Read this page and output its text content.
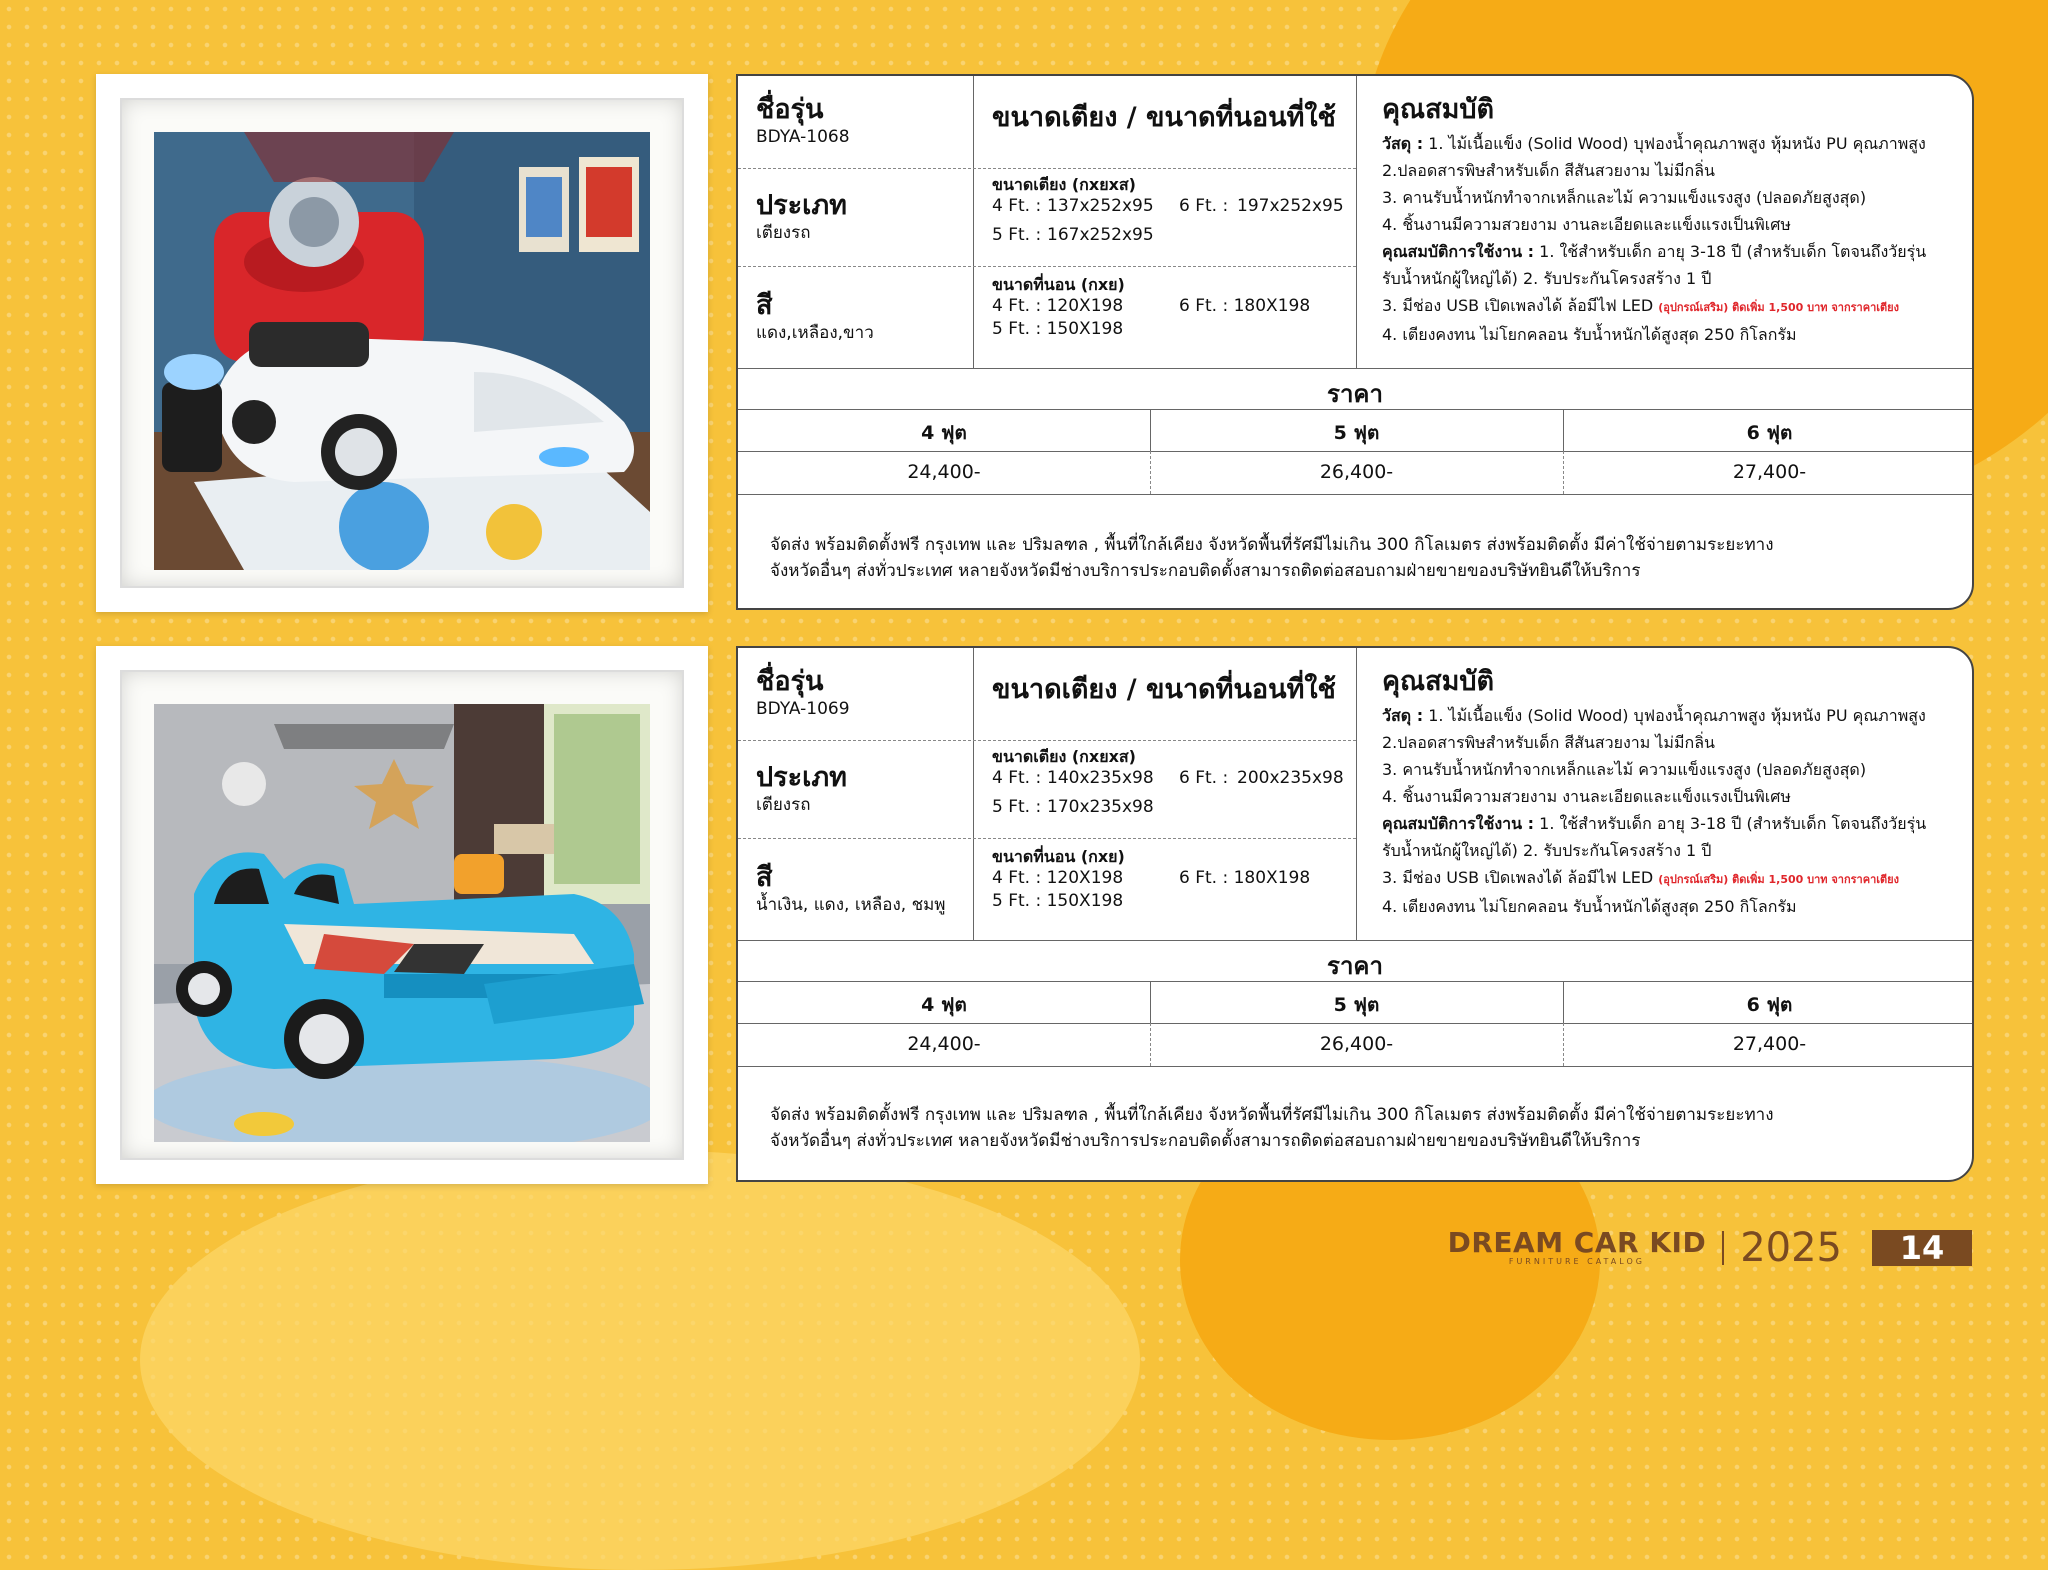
ชื่อรุ่น
BDYA-1068
ประเภท
เตียงรถ
สี
แดง,เหลือง,ขาว
ขนาดเตียง / ขนาดที่นอนที่ใช้
ขนาดเตียง (กxยxส)
4 Ft. : 137x252x95 6 Ft. : 197x252x95
5 Ft. : 167x252x95
ขนาดที่นอน (กxย)
4 Ft. : 120X198	6 Ft. : 180X198
5 Ft. : 150X198
คุณสมบัติ
วัสดุ : 1. ไม้เนื้อแข็ง (Solid Wood) บุฟองน้ำคุณภาพสูง หุ้มหนัง PU คุณภาพสูง
2.ปลอดสารพิษสำหรับเด็ก สีสันสวยงาม ไม่มีกลิ่น
3. คานรับน้ำหนักทำจากเหล็กและไม้ ความแข็งแรงสูง (ปลอดภัยสูงสุด)
4. ชิ้นงานมีความสวยงาม งานละเอียดและแข็งแรงเป็นพิเศษ
คุณสมบัติการใช้งาน : 1. ใช้สำหรับเด็ก อายุ 3-18 ปี (สำหรับเด็ก โตจนถึงวัยรุ่น
รับน้ำหนักผู้ใหญ่ได้) 2. รับประกันโครงสร้าง 1 ปี
3. มีช่อง USB เปิดเพลงได้ ล้อมีไฟ LED (อุปกรณ์เสริม) ติดเพิ่ม 1,500 บาท จากราคาเตียง
4. เตียงคงทน ไม่โยกคลอน รับน้ำหนักได้สูงสุด 250 กิโลกรัม
ราคา
4 ฟุต	5 ฟุต	6 ฟุต
24,400-	26,400-	27,400-
จัดส่ง พร้อมติดตั้งฟรี กรุงเทพ และ ปริมลฑล , พื้นที่ใกล้เคียง จังหวัดพื้นที่รัศมีไม่เกิน 300 กิโลเมตร ส่งพร้อมติดตั้ง มีค่าใช้จ่ายตามระยะทาง
จังหวัดอื่นๆ ส่งทั่วประเทศ หลายจังหวัดมีช่างบริการประกอบติดตั้งสามารถติดต่อสอบถามฝ่ายขายของบริษัทยินดีให้บริการ
ชื่อรุ่น
BDYA-1069
ประเภท
เตียงรถ
สี
น้ำเงิน, แดง, เหลือง, ชมพู
ขนาดเตียง / ขนาดที่นอนที่ใช้
ขนาดเตียง (กxยxส)
4 Ft. : 140x235x98 6 Ft. : 200x235x98
5 Ft. : 170x235x98
ขนาดที่นอน (กxย)
4 Ft. : 120X198	6 Ft. : 180X198
5 Ft. : 150X198
คุณสมบัติ
วัสดุ : 1. ไม้เนื้อแข็ง (Solid Wood) บุฟองน้ำคุณภาพสูง หุ้มหนัง PU คุณภาพสูง
2.ปลอดสารพิษสำหรับเด็ก สีสันสวยงาม ไม่มีกลิ่น
3. คานรับน้ำหนักทำจากเหล็กและไม้ ความแข็งแรงสูง (ปลอดภัยสูงสุด)
4. ชิ้นงานมีความสวยงาม งานละเอียดและแข็งแรงเป็นพิเศษ
คุณสมบัติการใช้งาน : 1. ใช้สำหรับเด็ก อายุ 3-18 ปี (สำหรับเด็ก โตจนถึงวัยรุ่น
รับน้ำหนักผู้ใหญ่ได้) 2. รับประกันโครงสร้าง 1 ปี
3. มีช่อง USB เปิดเพลงได้ ล้อมีไฟ LED (อุปกรณ์เสริม) ติดเพิ่ม 1,500 บาท จากราคาเตียง
4. เตียงคงทน ไม่โยกคลอน รับน้ำหนักได้สูงสุด 250 กิโลกรัม
ราคา
4 ฟุต	5 ฟุต	6 ฟุต
24,400-	26,400-	27,400-
จัดส่ง พร้อมติดตั้งฟรี กรุงเทพ และ ปริมลฑล , พื้นที่ใกล้เคียง จังหวัดพื้นที่รัศมีไม่เกิน 300 กิโลเมตร ส่งพร้อมติดตั้ง มีค่าใช้จ่ายตามระยะทาง
จังหวัดอื่นๆ ส่งทั่วประเทศ หลายจังหวัดมีช่างบริการประกอบติดตั้งสามารถติดต่อสอบถามฝ่ายขายของบริษัทยินดีให้บริการ
DREAM CAR KID
FURNITURE CATALOG	2025	14
